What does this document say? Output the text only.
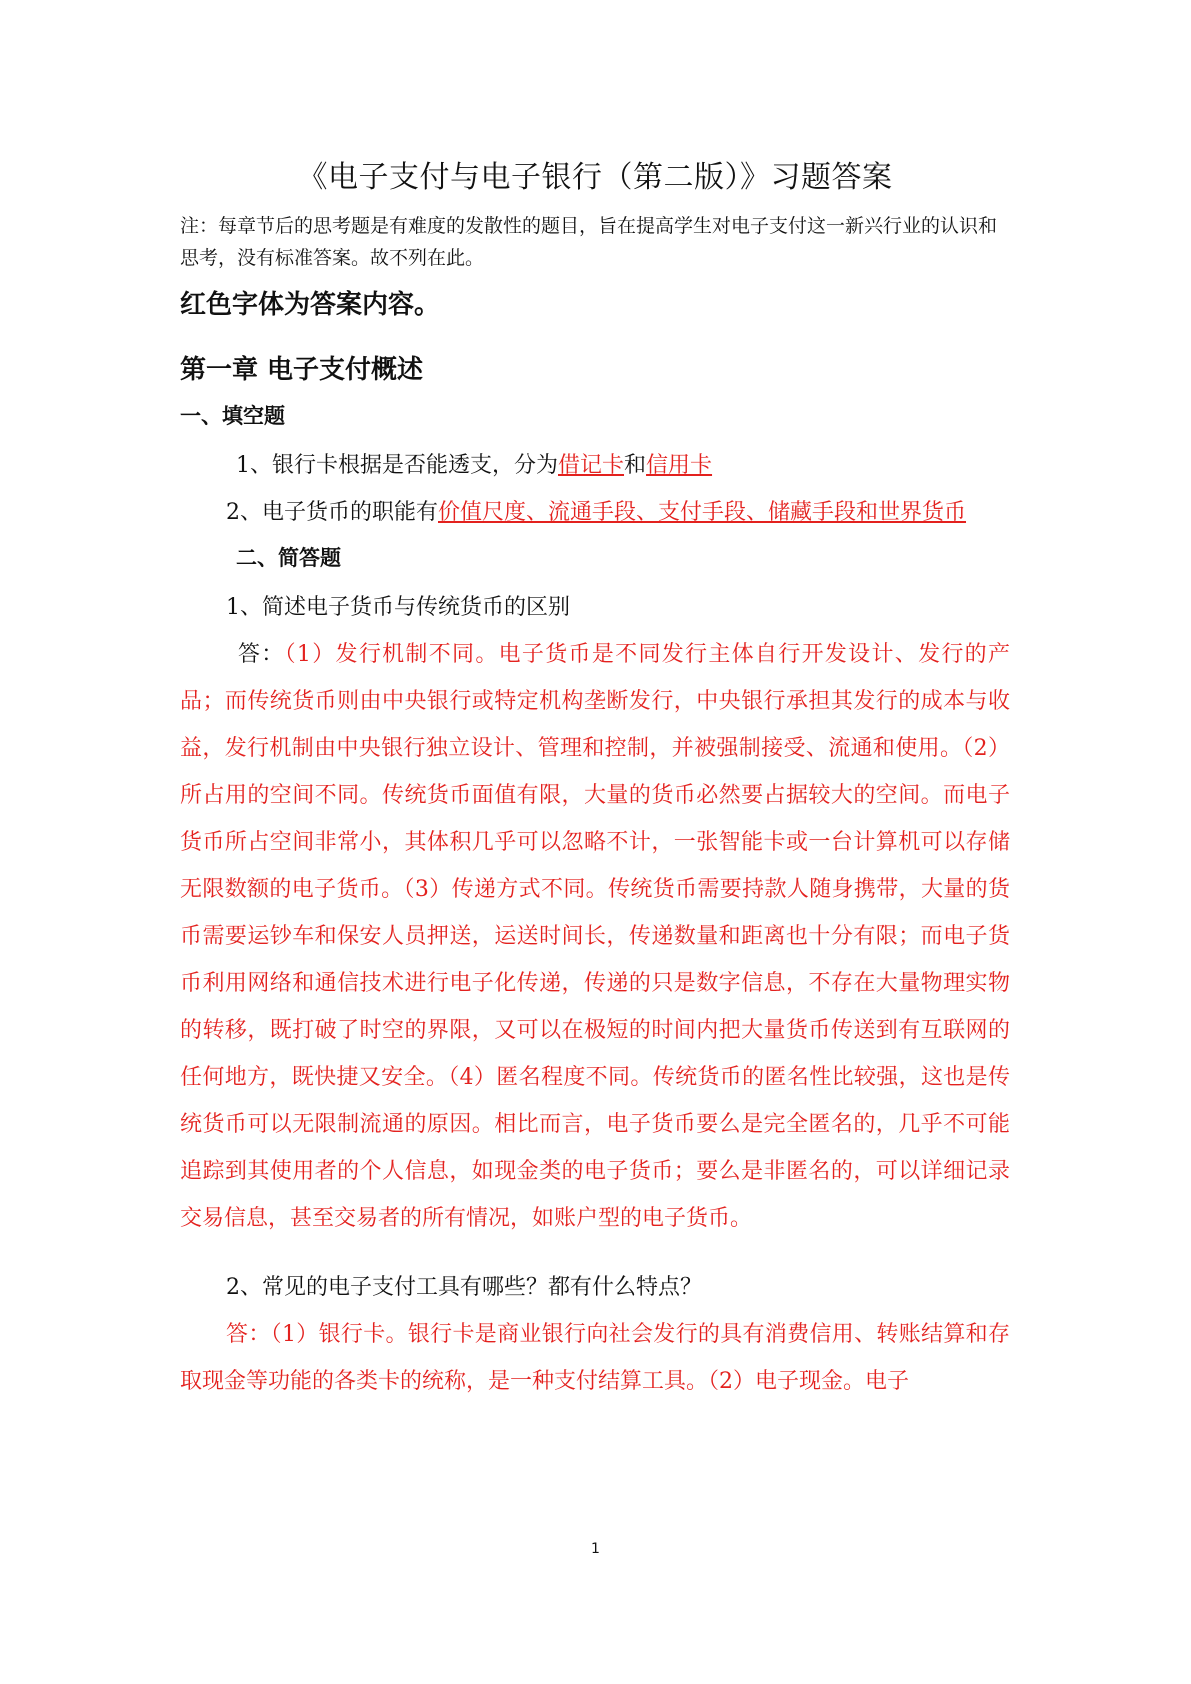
《电子支付与电子银行（第二版）》习题答案

注：每章节后的思考题是有难度的发散性的题目，旨在提高学生对电子支付这一新兴行业的认识和思考，没有标准答案。故不列在此。

红色字体为答案内容。
第一章 电子支付概述
一、填空题

1、银行卡根据是否能透支，分为借记卡和信用卡

2、电子货币的职能有价值尺度、流通手段、支付手段、储藏手段和世界货币

二、简答题

1、简述电子货币与传统货币的区别

答：（1）发行机制不同。电子货币是不同发行主体自行开发设计、发行的产品；而传统货币则由中央银行或特定机构垄断发行，中央银行承担其发行的成本与收益，发行机制由中央银行独立设计、管理和控制，并被强制接受、流通和使用。（2）所占用的空间不同。传统货币面值有限，大量的货币必然要占据较大的空间。而电子货币所占空间非常小，其体积几乎可以忽略不计，一张智能卡或一台计算机可以存储无限数额的电子货币。（3）传递方式不同。传统货币需要持款人随身携带，大量的货币需要运钞车和保安人员押送，运送时间长，传递数量和距离也十分有限；而电子货币利用网络和通信技术进行电子化传递，传递的只是数字信息，不存在大量物理实物的转移，既打破了时空的界限，又可以在极短的时间内把大量货币传送到有互联网的任何地方，既快捷又安全。（4）匿名程度不同。传统货币的匿名性比较强，这也是传统货币可以无限制流通的原因。相比而言，电子货币要么是完全匿名的，几乎不可能追踪到其使用者的个人信息，如现金类的电子货币；要么是非匿名的，可以详细记录交易信息，甚至交易者的所有情况，如账户型的电子货币。

2、常见的电子支付工具有哪些？都有什么特点？

答：（1）银行卡。银行卡是商业银行向社会发行的具有消费信用、转账结算和存取现金等功能的各类卡的统称，是一种支付结算工具。（2）电子现金。电子

1
